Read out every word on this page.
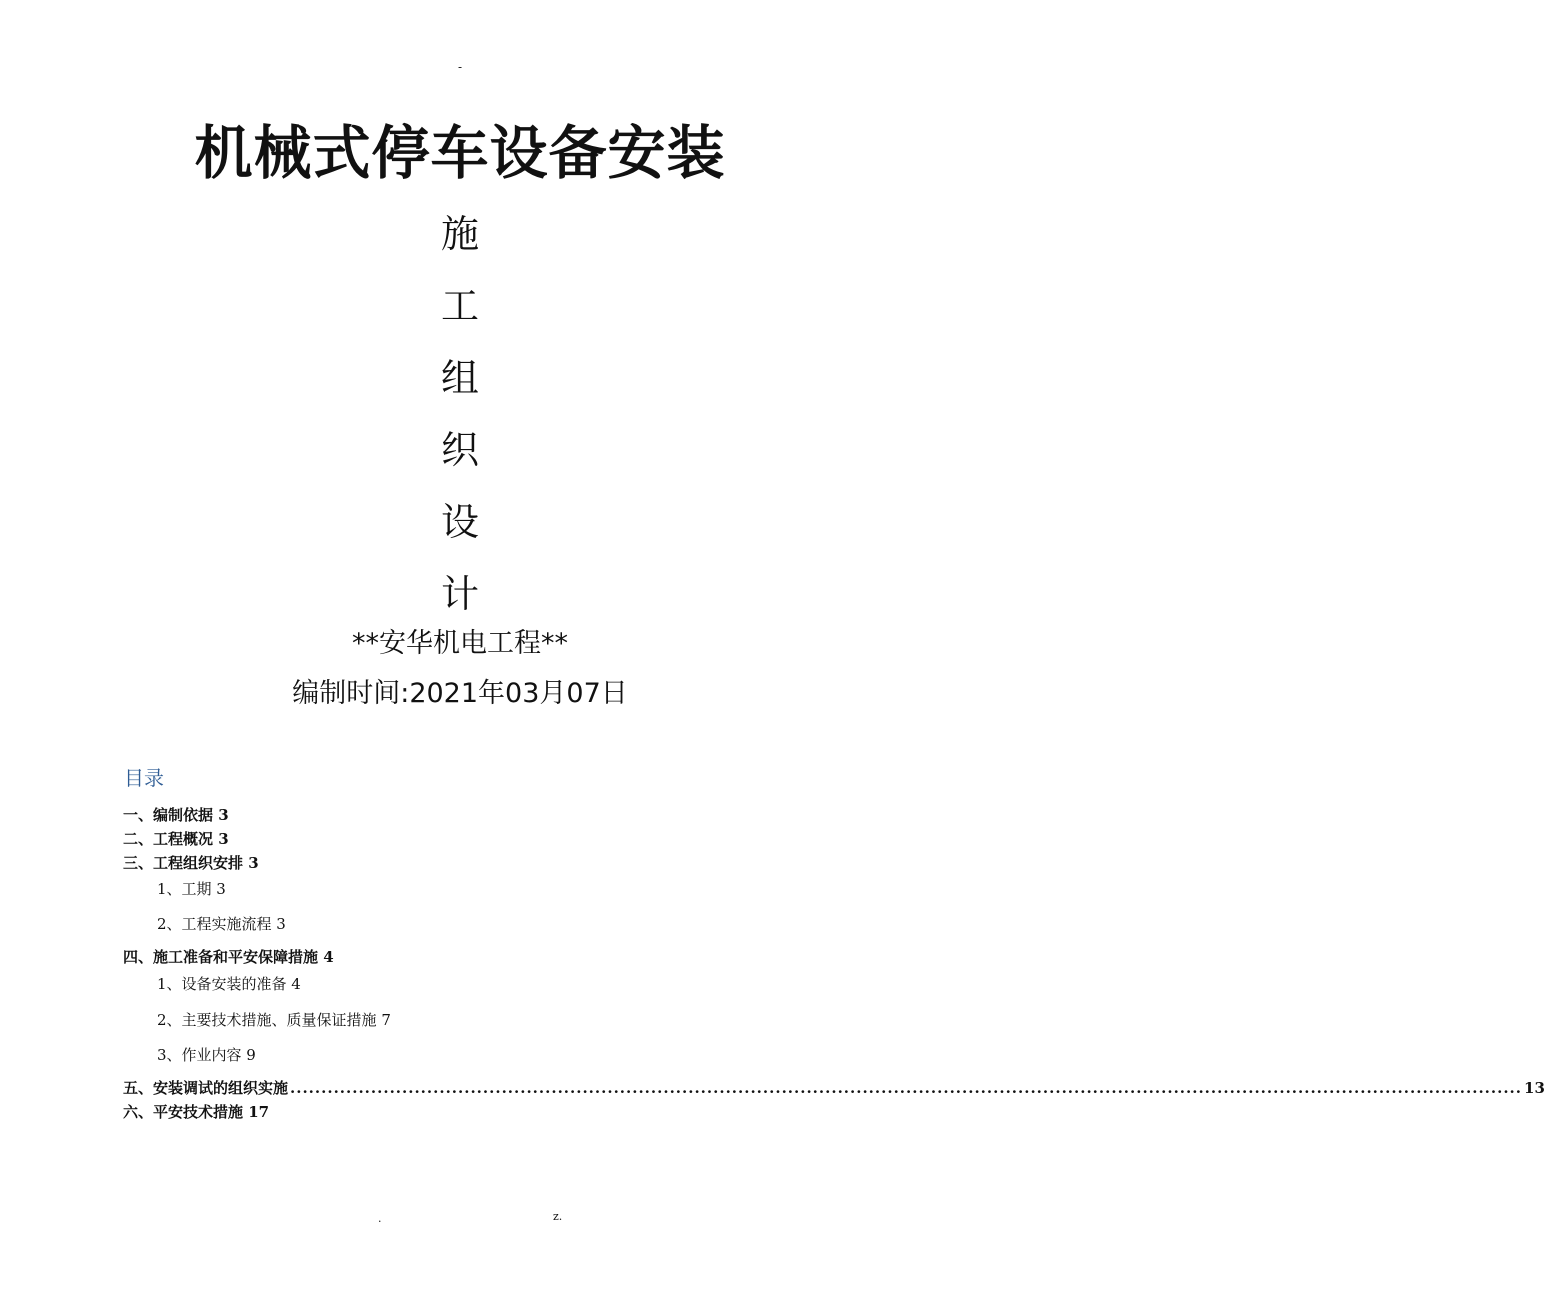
-
机械式停车设备安装
施
工
组
织
设
计
**安华机电工程**
编制时间:2021年03月07日
目录
一、编制依据 3
二、工程概况 3
三、工程组织安排 3
1、工期 3
2、工程实施流程 3
四、施工准备和平安保障措施 4
1、设备安装的准备 4
2、主要技术措施、质量保证措施 7
3、作业内容 9
五、安装调试的组织实施 ...................................................................................................................................................................................................... 13
六、平安技术措施 17
.	z.
